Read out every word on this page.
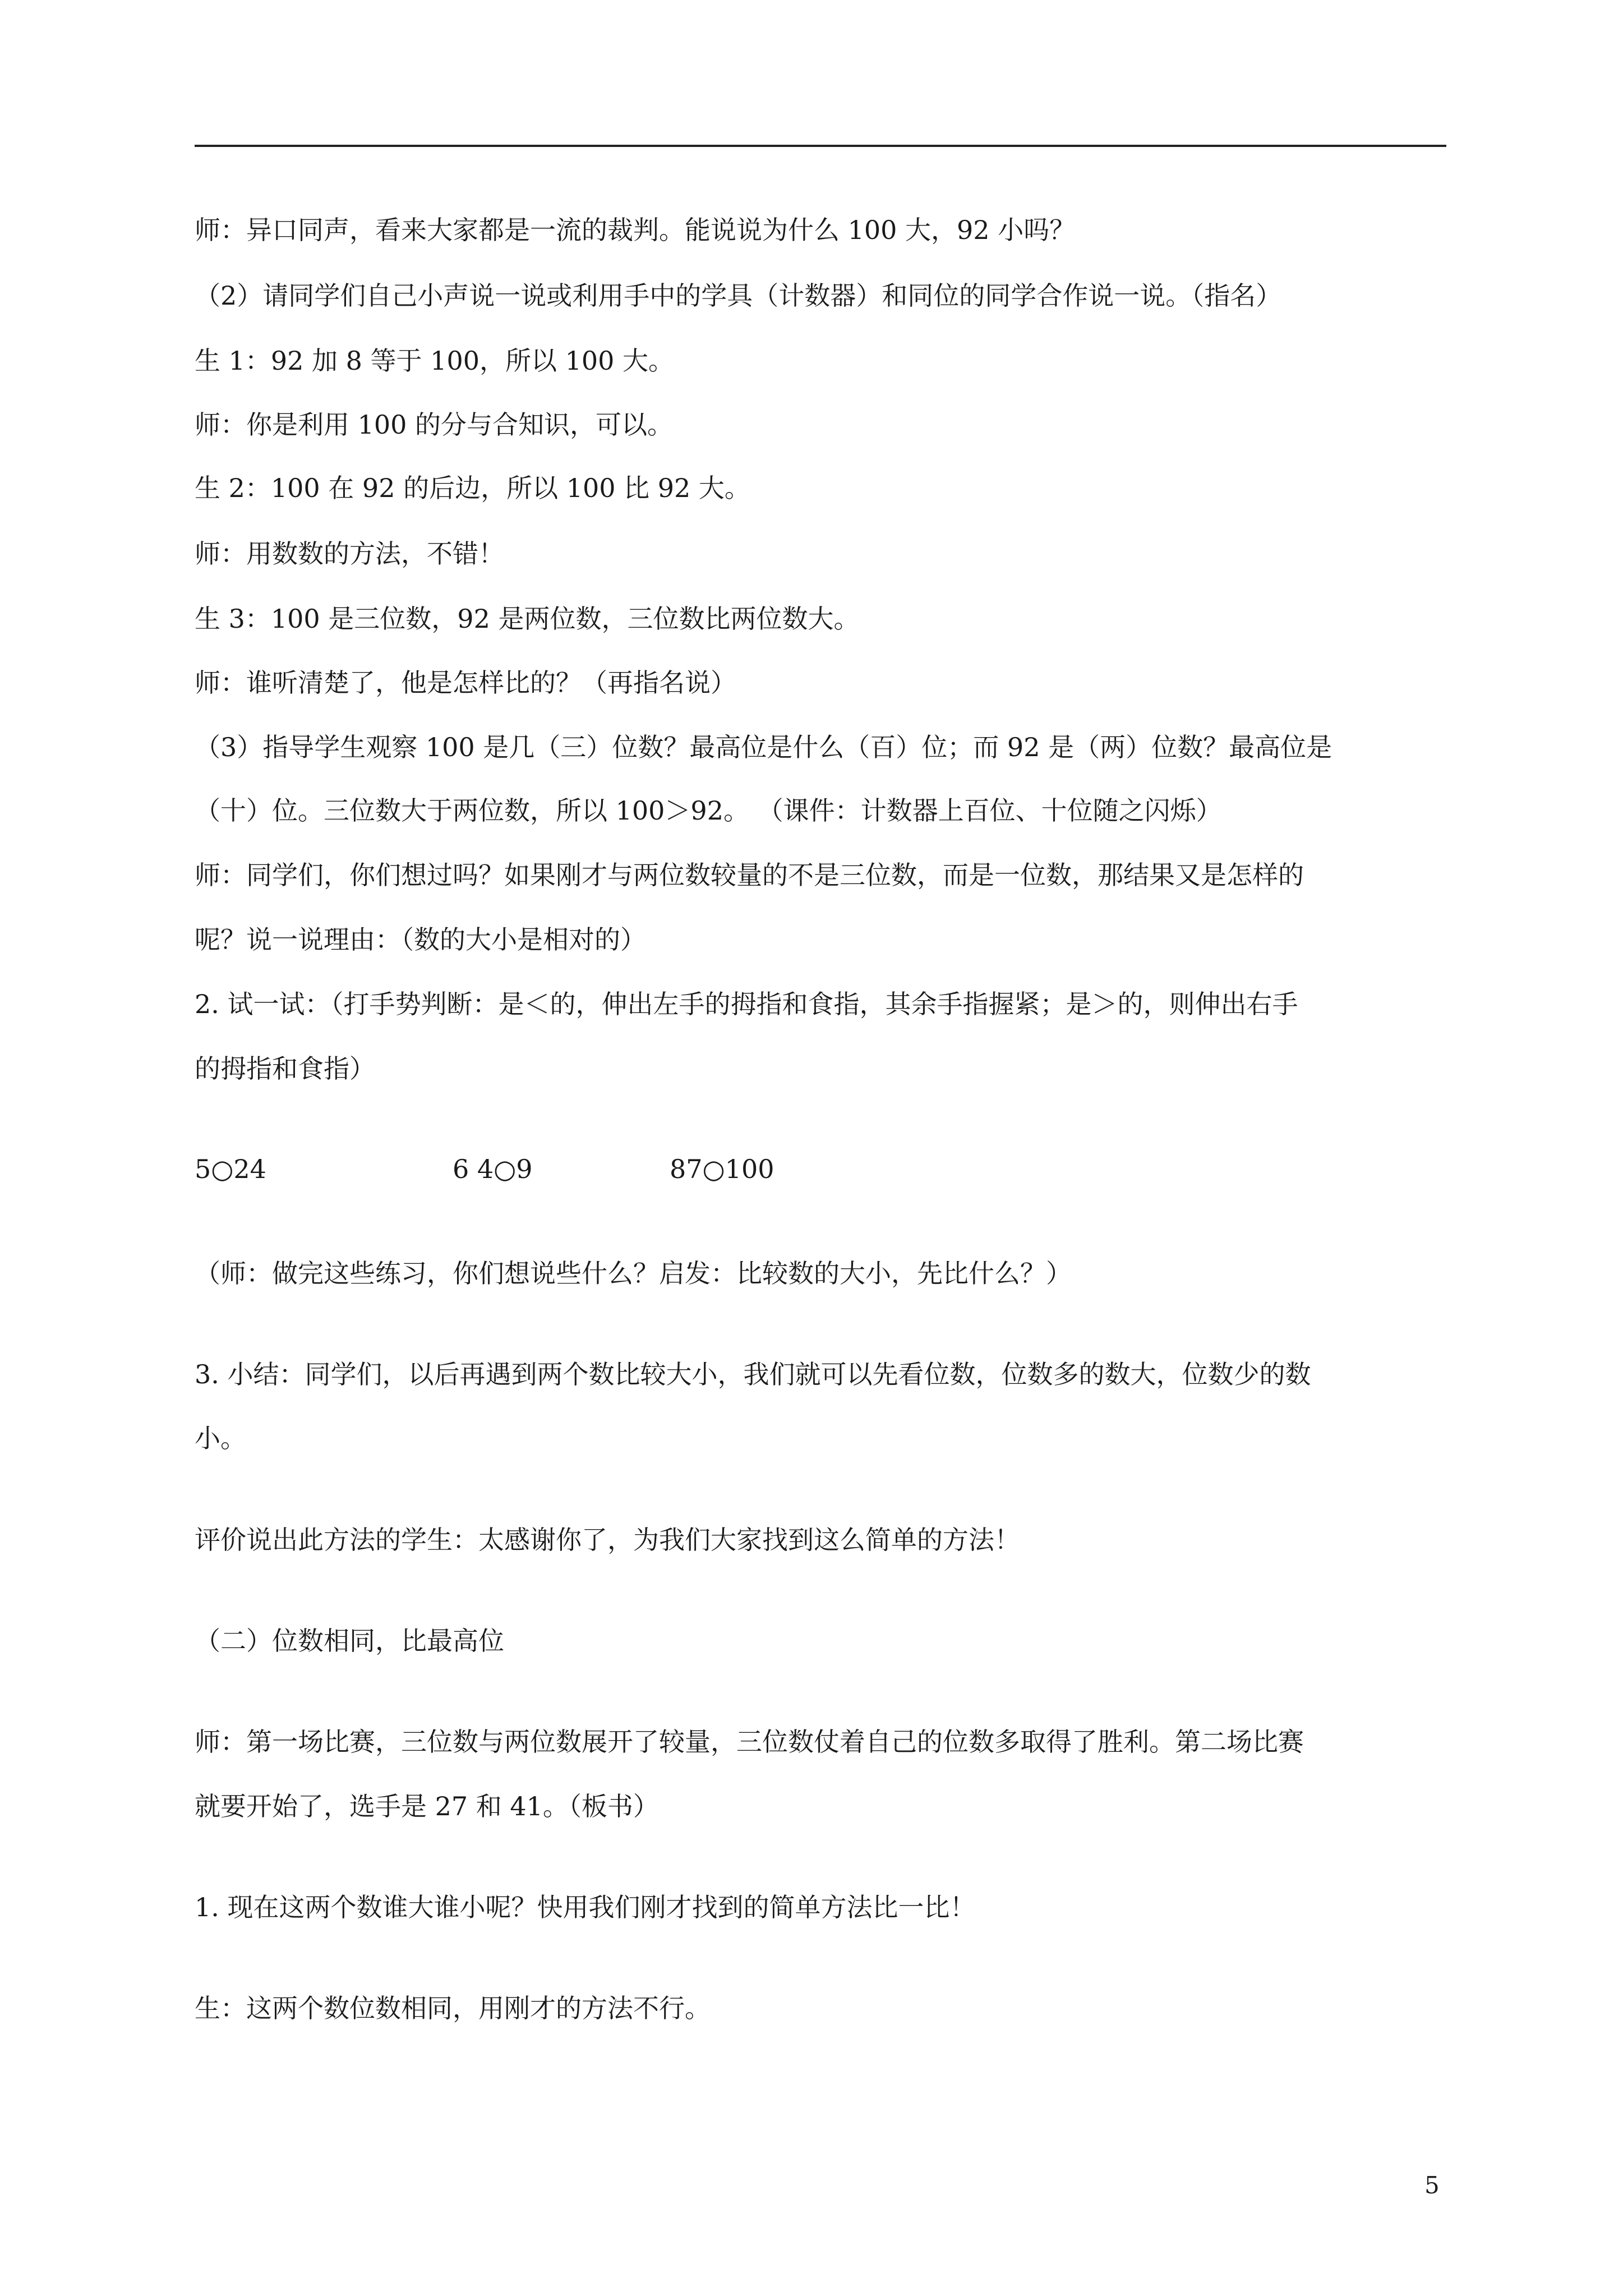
师：异口同声，看来大家都是一流的裁判。能说说为什么 100 大，92 小吗？
（2）请同学们自己小声说一说或利用手中的学具（计数器）和同位的同学合作说一说。（指名）
生 1：92 加 8 等于 100，所以 100 大。
师：你是利用 100 的分与合知识，可以。
生 2：100 在 92 的后边，所以 100 比 92 大。
师：用数数的方法，不错！
生 3：100 是三位数，92 是两位数，三位数比两位数大。
师：谁听清楚了，他是怎样比的？（再指名说）
（3）指导学生观察 100 是几（三）位数？最高位是什么（百）位；而 92 是（两）位数？最高位是
（十）位。三位数大于两位数，所以 100＞92。 （课件：计数器上百位、十位随之闪烁）
师：同学们，你们想过吗？如果刚才与两位数较量的不是三位数，而是一位数，那结果又是怎样的
呢？说一说理由：（数的大小是相对的）
2. 试一试：（打手势判断：是＜的，伸出左手的拇指和食指，其余手指握紧；是＞的，则伸出右手
的拇指和食指）
5○24	6 4○9	87○100
（师：做完这些练习，你们想说些什么？启发：比较数的大小，先比什么？）
3. 小结：同学们，以后再遇到两个数比较大小，我们就可以先看位数，位数多的数大，位数少的数
小。
评价说出此方法的学生：太感谢你了，为我们大家找到这么简单的方法！
（二）位数相同，比最高位
师：第一场比赛，三位数与两位数展开了较量，三位数仗着自己的位数多取得了胜利。第二场比赛
就要开始了，选手是 27 和 41。（板书）
1. 现在这两个数谁大谁小呢？快用我们刚才找到的简单方法比一比！
生：这两个数位数相同，用刚才的方法不行。
5
